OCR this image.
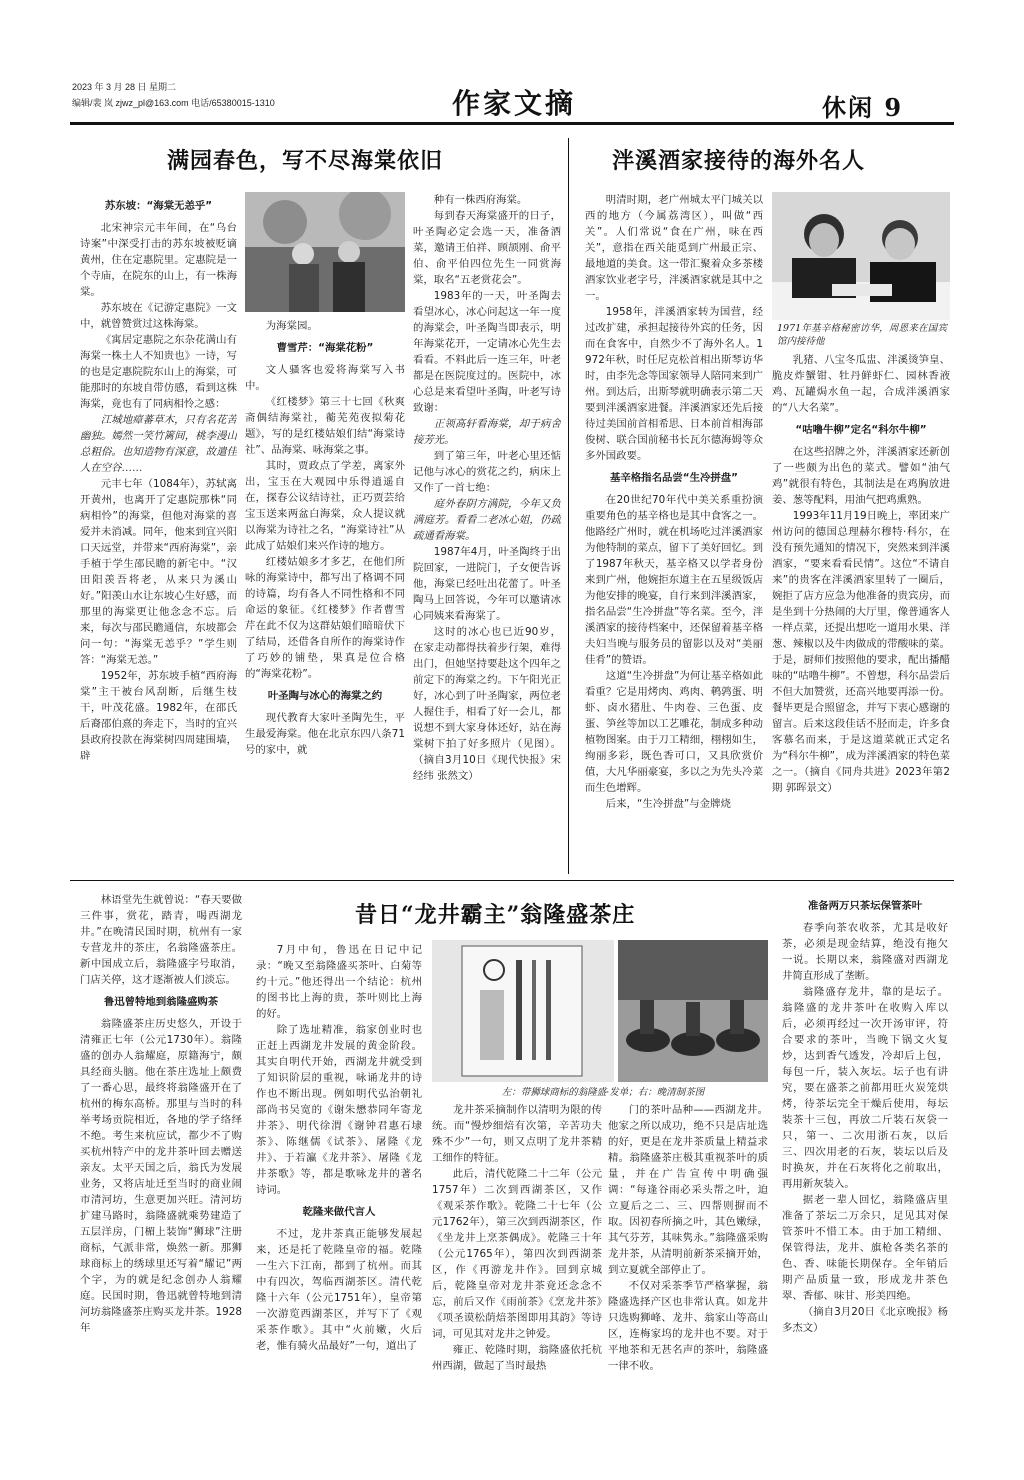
2023 年 3 月 28 日 星期二
编辑/裴 岚 zjwz_pl@163.com 电话/65380015-1310	作家文摘	休闲 9
满园春色，写不尽海棠依旧

苏东坡：“海棠无恙乎”

北宋神宗元丰年间，在“乌台诗案”中深受打击的苏东坡被贬谪黄州，住在定惠院里。定惠院是一个寺庙，在院东的山上，有一株海棠。

苏东坡在《记游定惠院》一文中，就曾赞赏过这株海棠。

《寓居定惠院之东杂花满山有海棠一株土人不知贵也》一诗，写的也是定惠院院东山上的海棠，可能那时的东坡自带仿感，看到这株海棠，竟也有了同病相怜之感：

江城地瘴蕃草木，只有名花苦幽独。嫣然一笑竹篱间，桃李漫山总粗俗。也知造物有深意，故遣佳人在空谷……

元丰七年（1084年），苏轼离开黄州，也离开了定惠院那株“同病相怜”的海棠，但他对海棠的喜爱并未消减。同年，他来到宜兴阳口天远堂，并带来“西府海棠”，亲手植于学生邵民瞻的新宅中。“汉田阳羡吾将老，从来只为溪山好。”阳羡山水让东坡心生好感，而那里的海棠更让他念念不忘。后来，每次与邵民瞻通信，东坡都会问一句：“海棠无恙乎？”学生则答：“海棠无恙。”

1952年，苏东坡手植“西府海棠”主干被台风刮断，后继生枝干，叶茂花盛。1982年，在邵氏后裔邵伯熹的奔走下，当时的宜兴县政府投款在海棠树四周建围墙，辟

为海棠园。

曹雪芹：“海棠花粉”

文人骚客也爱将海棠写入书中。

《红楼梦》第三十七回《秋爽斋偶结海棠社，蘅芜苑夜拟菊花题》，写的是红楼姑娘们结“海棠诗社”、品海棠、咏海棠之事。

其时，贾政点了学差，离家外出，宝玉在大观园中乐得逍遥自在，探春公议结诗社，正巧贾芸给宝玉送来两盆白海棠，众人提议就以海棠为诗社之名，“海棠诗社”从此成了姑娘们来兴作诗的地方。

红楼姑娘多才多艺，在他们所咏的海棠诗中，都写出了格调不同的诗篇，均有各人不同性格和不同命运的象征。《红楼梦》作者曹雪芹在此不仅为这群姑娘们暗暗伏下了结局，还借各自所作的海棠诗作了巧妙的铺垫，果真是位合格的“海棠花粉”。

叶圣陶与冰心的海棠之约

现代教育大家叶圣陶先生，平生最爱海棠。他在北京东四八条71号的家中，就

种有一株西府海棠。

每到春天海棠盛开的日子，叶圣陶必定会选一天，准备酒菜，邀请王伯祥、顾颉刚、俞平伯、俞平伯四位先生一同赏海棠，取名“五老赏花会”。

1983年的一天，叶圣陶去看望冰心，冰心问起这一年一度的海棠会，叶圣陶当即表示，明年海棠花开，一定请冰心先生去看看。不料此后一连三年，叶老都是在医院度过的。医院中，冰心总是来看望叶圣陶，叶老写诗致谢：

正领高轩看海棠，却于病舍接芳光。

到了第三年，叶老心里还惦记他与冰心的赏花之约，病床上又作了一首七绝：

庭外春阴方满院，今年又负满庭芳。看看二老冰心姐，仍疏疏通看海棠。

1987年4月，叶圣陶终于出院回家，一进院门，子女便告诉他，海棠已经吐出花蕾了。叶圣陶马上回答说，今年可以邀请冰心同姨来看海棠了。

这时的冰心也已近90岁，在家走动都得扶着步行架，难得出门，但她坚持要赴这个四年之前定下的海棠之约。下午阳光正好，冰心到了叶圣陶家，两位老人握住手，相看了好一会儿，都说想不到大家身体还好，站在海棠树下拍了好多照片（见图）。（摘自3月10日《现代快报》宋经纬 张然文）

泮溪酒家接待的海外名人

明清时期，老广州城太平门城关以西的地方（今属荔湾区），叫做“西关”。人们常说“食在广州，味在西关”，意指在西关能觅到广州最正宗、最地道的美食。这一带汇聚着众多茶楼酒家饮业老字号，泮溪酒家就是其中之一。

1958年，泮溪酒家转为国营，经过改扩建，承担起接待外宾的任务，因而在食客中，自然少不了海外名人。1972年秋，时任尼克松首相出斯琴访华时，由李先念等国家领导人陪同来到广州。到达后，出斯琴就明确表示第二天要到泮溪酒家进餐。泮溪酒家还先后接待过美国前首相希思、日本前首相海部俊树、联合国前秘书长瓦尔德海姆等众多外国政要。

基辛格指名品尝“生冷拼盘”

在20世纪70年代中美关系重扮演重要角色的基辛格也是其中食客之一。他路经广州时，就在机场吃过泮溪酒家为他特制的菜点，留下了美好回忆。到了1987年秋天，基辛格又以学者身份来到广州，他婉拒东道主在五星级饭店为他安排的晚宴，自行来到泮溪酒家，指名品尝“生冷拼盘”等名菜。至今，泮溪酒家的接待档案中，还保留着基辛格夫妇当晚与服务员的留影以及对“美丽佳肴”的赞语。

这道“生冷拼盘”为何让基辛格如此看重？它是用烤肉、鸡肉、鹌鹑蛋、明虾、卤水猪肚、牛肉卷、三色蛋、皮蛋、笋丝等加以工艺雕花，制成多种动植物图案。由于刀工精细，栩栩如生，绚丽多彩，既色香可口，又具欣赏价值，大凡华丽豪宴，多以之为先头冷菜而生色增辉。

后来，“生冷拼盘”与金牌烧

1971年基辛格秘密访华，周恩来在国宾馆内接待他

乳猪、八宝冬瓜盅、泮溪烫笋皇、脆皮炸蟹钳、牡丹鲜虾仁、园林香液鸡、瓦罐焗水鱼一起，合成泮溪酒家的“八大名菜”。

“咕噜牛柳”定名“科尔牛柳”

在这些招牌之外，泮溪酒家还新创了一些颇为出色的菜式。譬如“油气鸡”就很有特色，其制法是在鸡胸放进姜、葱等配料，用油气把鸡熏熟。

1993年11月19日晚上，率团来广州访问的德国总理赫尔穆特·科尔，在没有预先通知的情况下，突然来到泮溪酒家，“要来看看民情”。这位“不请自来”的贵客在泮溪酒家里转了一圈后，婉拒了店方应急为他准备的贵宾房，而是坐到十分热闹的大厅里，像普通客人一样点菜，还提出想吃一道用水果、洋葱、辣椒以及牛肉做成的带酸味的菜。于是，厨师们按照他的要求，配出播醋味的“咕噜牛柳”。不曾想，科尔品尝后不但大加赞赏，还高兴地要再添一份。餐毕更是合照留念，并写下衷心感谢的留言。后来这段佳话不胫而走，许多食客慕名而来，于是这道菜就正式定名为“科尔牛柳”，成为泮溪酒家的特色菜之一。（摘自《同舟共进》2023年第2期 郭晖景文）

昔日“龙井霸主”翁隆盛茶庄

林语堂先生就曾说：“春天要做三件事，赏花，踏青，喝西湖龙井。”在晚清民国时期，杭州有一家专营龙井的茶庄，名翁隆盛茶庄。新中国成立后，翁隆盛字号取消，门店关停，这才逐渐被人们淡忘。

鲁迅曾特地到翁隆盛购茶

翁隆盛茶庄历史悠久，开设于清雍正七年（公元1730年）。翁隆盛的创办人翁耀庭，原籍海宁，颇具经商头脑。他在茶庄选址上颇费了一番心思，最终将翁隆盛开在了杭州的梅东高桥。那里与当时的科举考场贡院相近，各地的学子络绎不绝。考生来杭应试，都少不了购买杭州特产中的龙井茶叶回去赠送亲友。太平天国之后，翁氏为发展业务，又将店址迁至当时的商业闹市清河坊，生意更加兴旺。清河坊扩建马路时，翁隆盛就乘势建造了五层洋房，门楣上装饰“狮球”注册商标，气派非常，焕然一新。那狮球商标上的绣球里还写着“耀记”两个字，为的就是纪念创办人翁耀庭。民国时期，鲁迅就曾特地到清河坊翁隆盛茶庄购买龙井茶。1928年

7月中旬，鲁迅在日记中记录：“晚又至翁隆盛买茶叶、白菊等约十元。”他还得出一个结论：杭州的图书比上海的贵，茶叶则比上海的好。

除了选址精准，翁家创业时也正赶上西湖龙井发展的黄金阶段。其实自明代开始，西湖龙井就受到了知识阶层的重视，咏诵龙井的诗作也不断出现。例如明代弘治朝礼部尚书吴宽的《谢朱懋恭同年寄龙井茶》、明代徐渭《谢钟君惠石埭茶》、陈继儒《试茶》、屠隆《龙井》、于若瀛《龙井茶》、屠隆《龙井茶歌》等，都是歌咏龙井的著名诗词。

乾隆来做代言人

不过，龙井茶真正能够发展起来，还是托了乾隆皇帝的福。乾隆一生六下江南，都到了杭州。而其中有四次，驾临西湖茶区。清代乾隆十六年（公元1751年），皇帝第一次游览西湖茶区，并写下了《观采茶作歌》。其中“火前嫩，火后老，惟有骑火品最好”一句，道出了

左：带狮球商标的翁隆盛·发单；右：晚清制茶图

龙井茶采摘制作以清明为限的传统。而“慢炒细焙有次第，辛苦功夫殊不少”一句，则又点明了龙井茶精工细作的特征。

此后，清代乾隆二十二年（公元1757年）二次到西湖茶区，又作《观采茶作歌》。乾隆二十七年（公元1762年），第三次到西湖茶区，作《坐龙井上烹茶偶成》。乾隆三十年（公元1765年），第四次到西湖茶区，作《再游龙井作》。回到京城后，乾隆皇帝对龙井茶竟还念念不忘，前后又作《雨前茶》《烹龙井茶》《项圣谟松荫焙茶图即用其韵》等诗词，可见其对龙井之钟爱。

雍正、乾隆时期，翁隆盛依托杭州西湖，做起了当时最热

门的茶叶品种——西湖龙井。他家之所以成功，绝不只是店址选的好，更是在龙井茶质量上精益求精。翁隆盛茶庄极其重视茶叶的质量，并在广告宣传中明确强调：“每逢谷雨必采头帮之叶，迫立夏后之二、三、四帮则摒而不取。因初春所摘之叶，其色嫩绿，其气芬芳，其味隽永。”翁隆盛采购龙井茶，从清明前新茶采摘开始，到立夏就全部停止了。

不仅对采茶季节严格掌握，翁隆盛选择产区也非常认真。如龙井只选购狮峰、龙井、翁家山等高山区，连梅家坞的龙井也不要。对于平地茶和无甚名声的茶叶，翁隆盛一律不收。

准备两万只茶坛保管茶叶

春季向茶农收茶，尤其是收好茶，必须是现金结算，绝没有拖欠一说。长期以来，翁隆盛对西湖龙井简直形成了垄断。

翁隆盛存龙井，靠的是坛子。翁隆盛的龙井茶叶在收购入库以后，必须再经过一次开汤审评，符合要求的茶叶，当晚下锅文火复炒，达到香气透发，冷却后上包，每包一斤，装入灰坛。坛子也有讲究，要在盛茶之前都用旺火炭笼烘烤，待茶坛完全干燥后使用，每坛装茶十三包，再放二斤装石灰袋一只，第一、二次用浙石灰，以后三、四次用老的石灰，装坛以后及时换灰，并在石灰将化之前取出，再用新灰装入。

据老一辈人回忆，翁隆盛店里准备了茶坛二万余只，足见其对保管茶叶不惜工本。由于加工精细、保管得法，龙井、旗枪各类名茶的色、香、味能长期保存。全年销后期产品质量一致，形成龙井茶色翠、香郁、味甘、形美四绝。

（摘自3月20日《北京晚报》杨多杰文）
